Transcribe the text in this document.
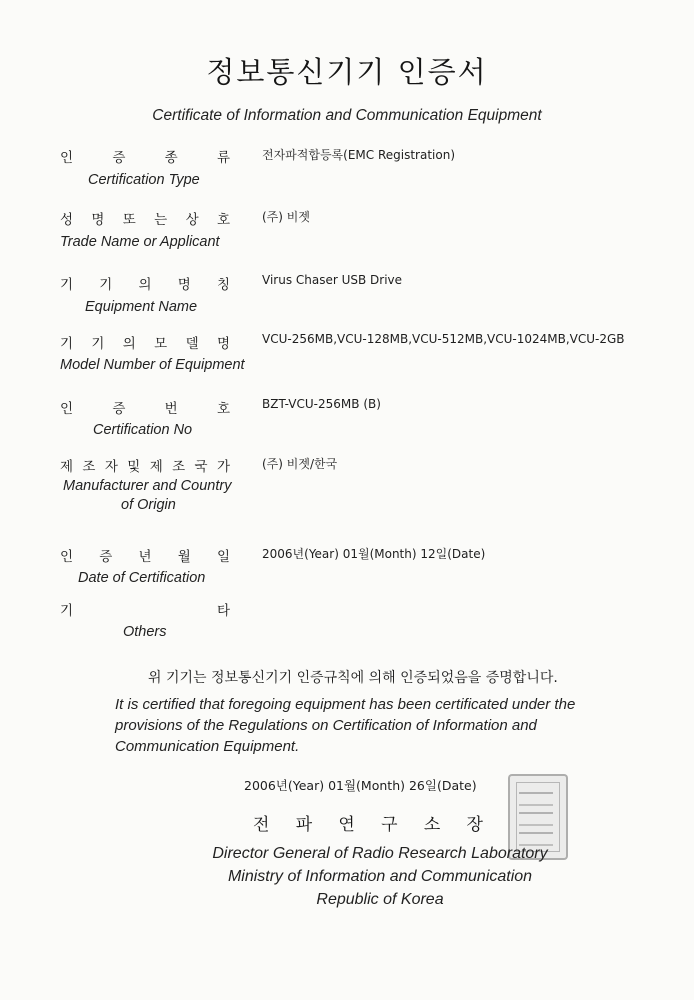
정보통신기기 인증서
Certificate of Information and Communication Equipment
인	증	종	류	전자파적합등록(EMC Registration)
Certification Type
성 명 또 는 상 호	(주) 비젯
Trade Name or Applicant
기 기 의 명 칭	Virus Chaser USB Drive
Equipment Name
기 기 의 모 델 명	VCU-256MB,VCU-128MB,VCU-512MB,VCU-1024MB,VCU-2GB
Model Number of Equipment
인	증	번	호	BZT-VCU-256MB (B)
Certification No
제 조 자 및 제 조 국 가	(주) 비젯/한국
Manufacturer and Country
of Origin
인 증 년 월 일	2006년(Year) 01월(Month) 12일(Date)
Date of Certification
기	타
Others
위 기기는 정보통신기기 인증규칙에 의해 인증되었음을 증명합니다.
It is certified that foregoing equipment has been certificated under the provisions of the Regulations on Certification of Information and Communication Equipment.
2006년(Year) 01월(Month) 26일(Date)
전 파 연 구 소 장
Director General of Radio Research Laboratory
Ministry of Information and Communication
Republic of Korea
